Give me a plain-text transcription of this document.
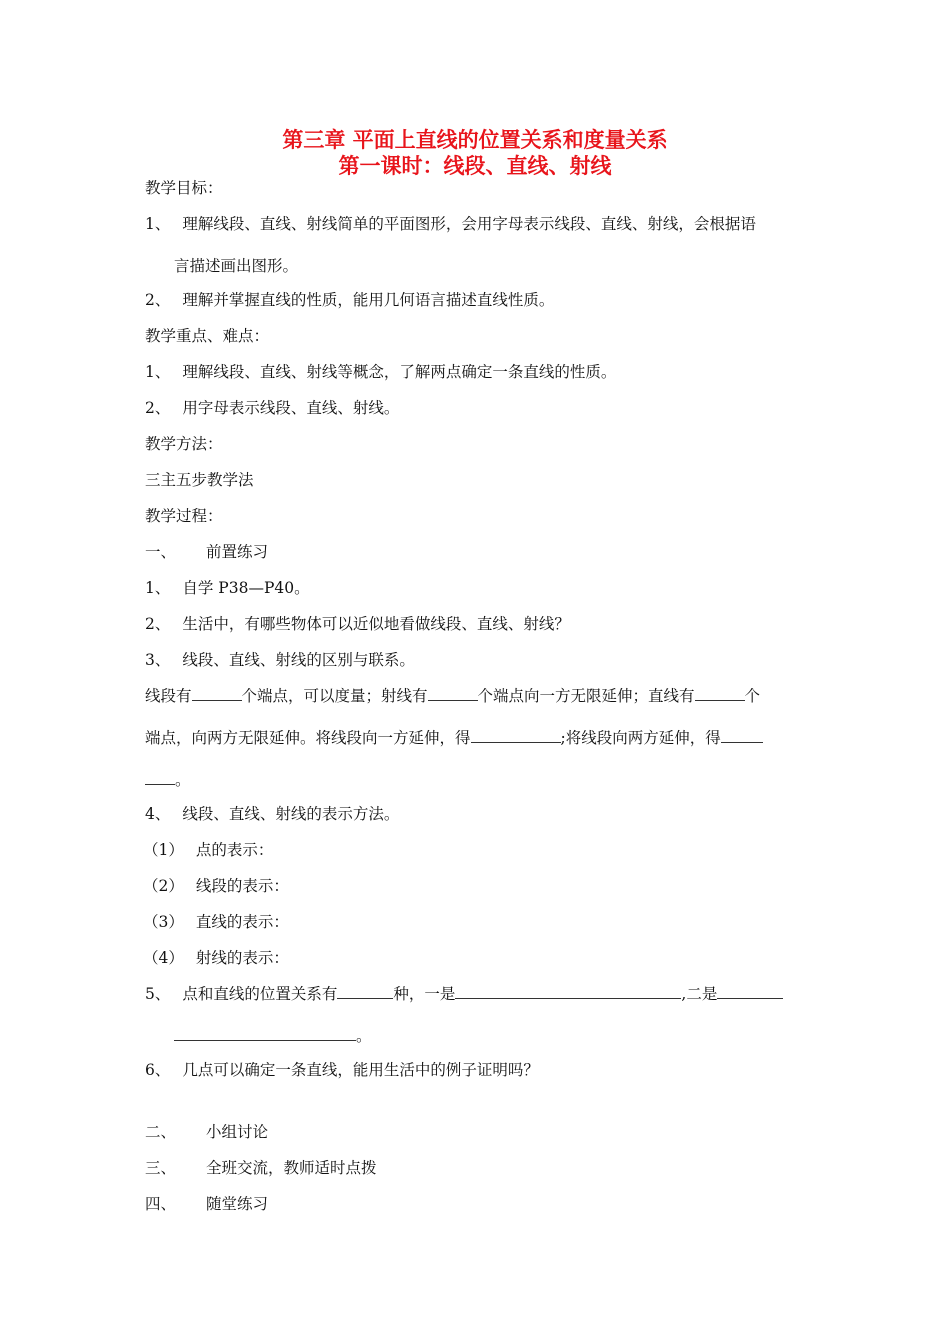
第三章 平面上直线的位置关系和度量关系
第一课时：线段、直线、射线
教学目标：
1、 理解线段、直线、射线简单的平面图形，会用字母表示线段、直线、射线，会根据语
言描述画出图形。
2、 理解并掌握直线的性质，能用几何语言描述直线性质。
教学重点、难点：
1、 理解线段、直线、射线等概念，了解两点确定一条直线的性质。
2、 用字母表示线段、直线、射线。
教学方法：
三主五步教学法
教学过程：
一、 前置练习
1、 自学 P38—P40。
2、 生活中，有哪些物体可以近似地看做线段、直线、射线？
3、 线段、直线、射线的区别与联系。
线段有	个端点，可以度量；射线有	个端点向一方无限延伸；直线有	个
端点，向两方无限延伸。将线段向一方延伸，得	;将线段向两方延伸，得
。
4、 线段、直线、射线的表示方法。
（1） 点的表示：
（2） 线段的表示：
（3） 直线的表示：
（4） 射线的表示：
5、 点和直线的位置关系有	种，一是	,二是
。
6、 几点可以确定一条直线，能用生活中的例子证明吗？
二、 小组讨论
三、 全班交流，教师适时点拨
四、 随堂练习
